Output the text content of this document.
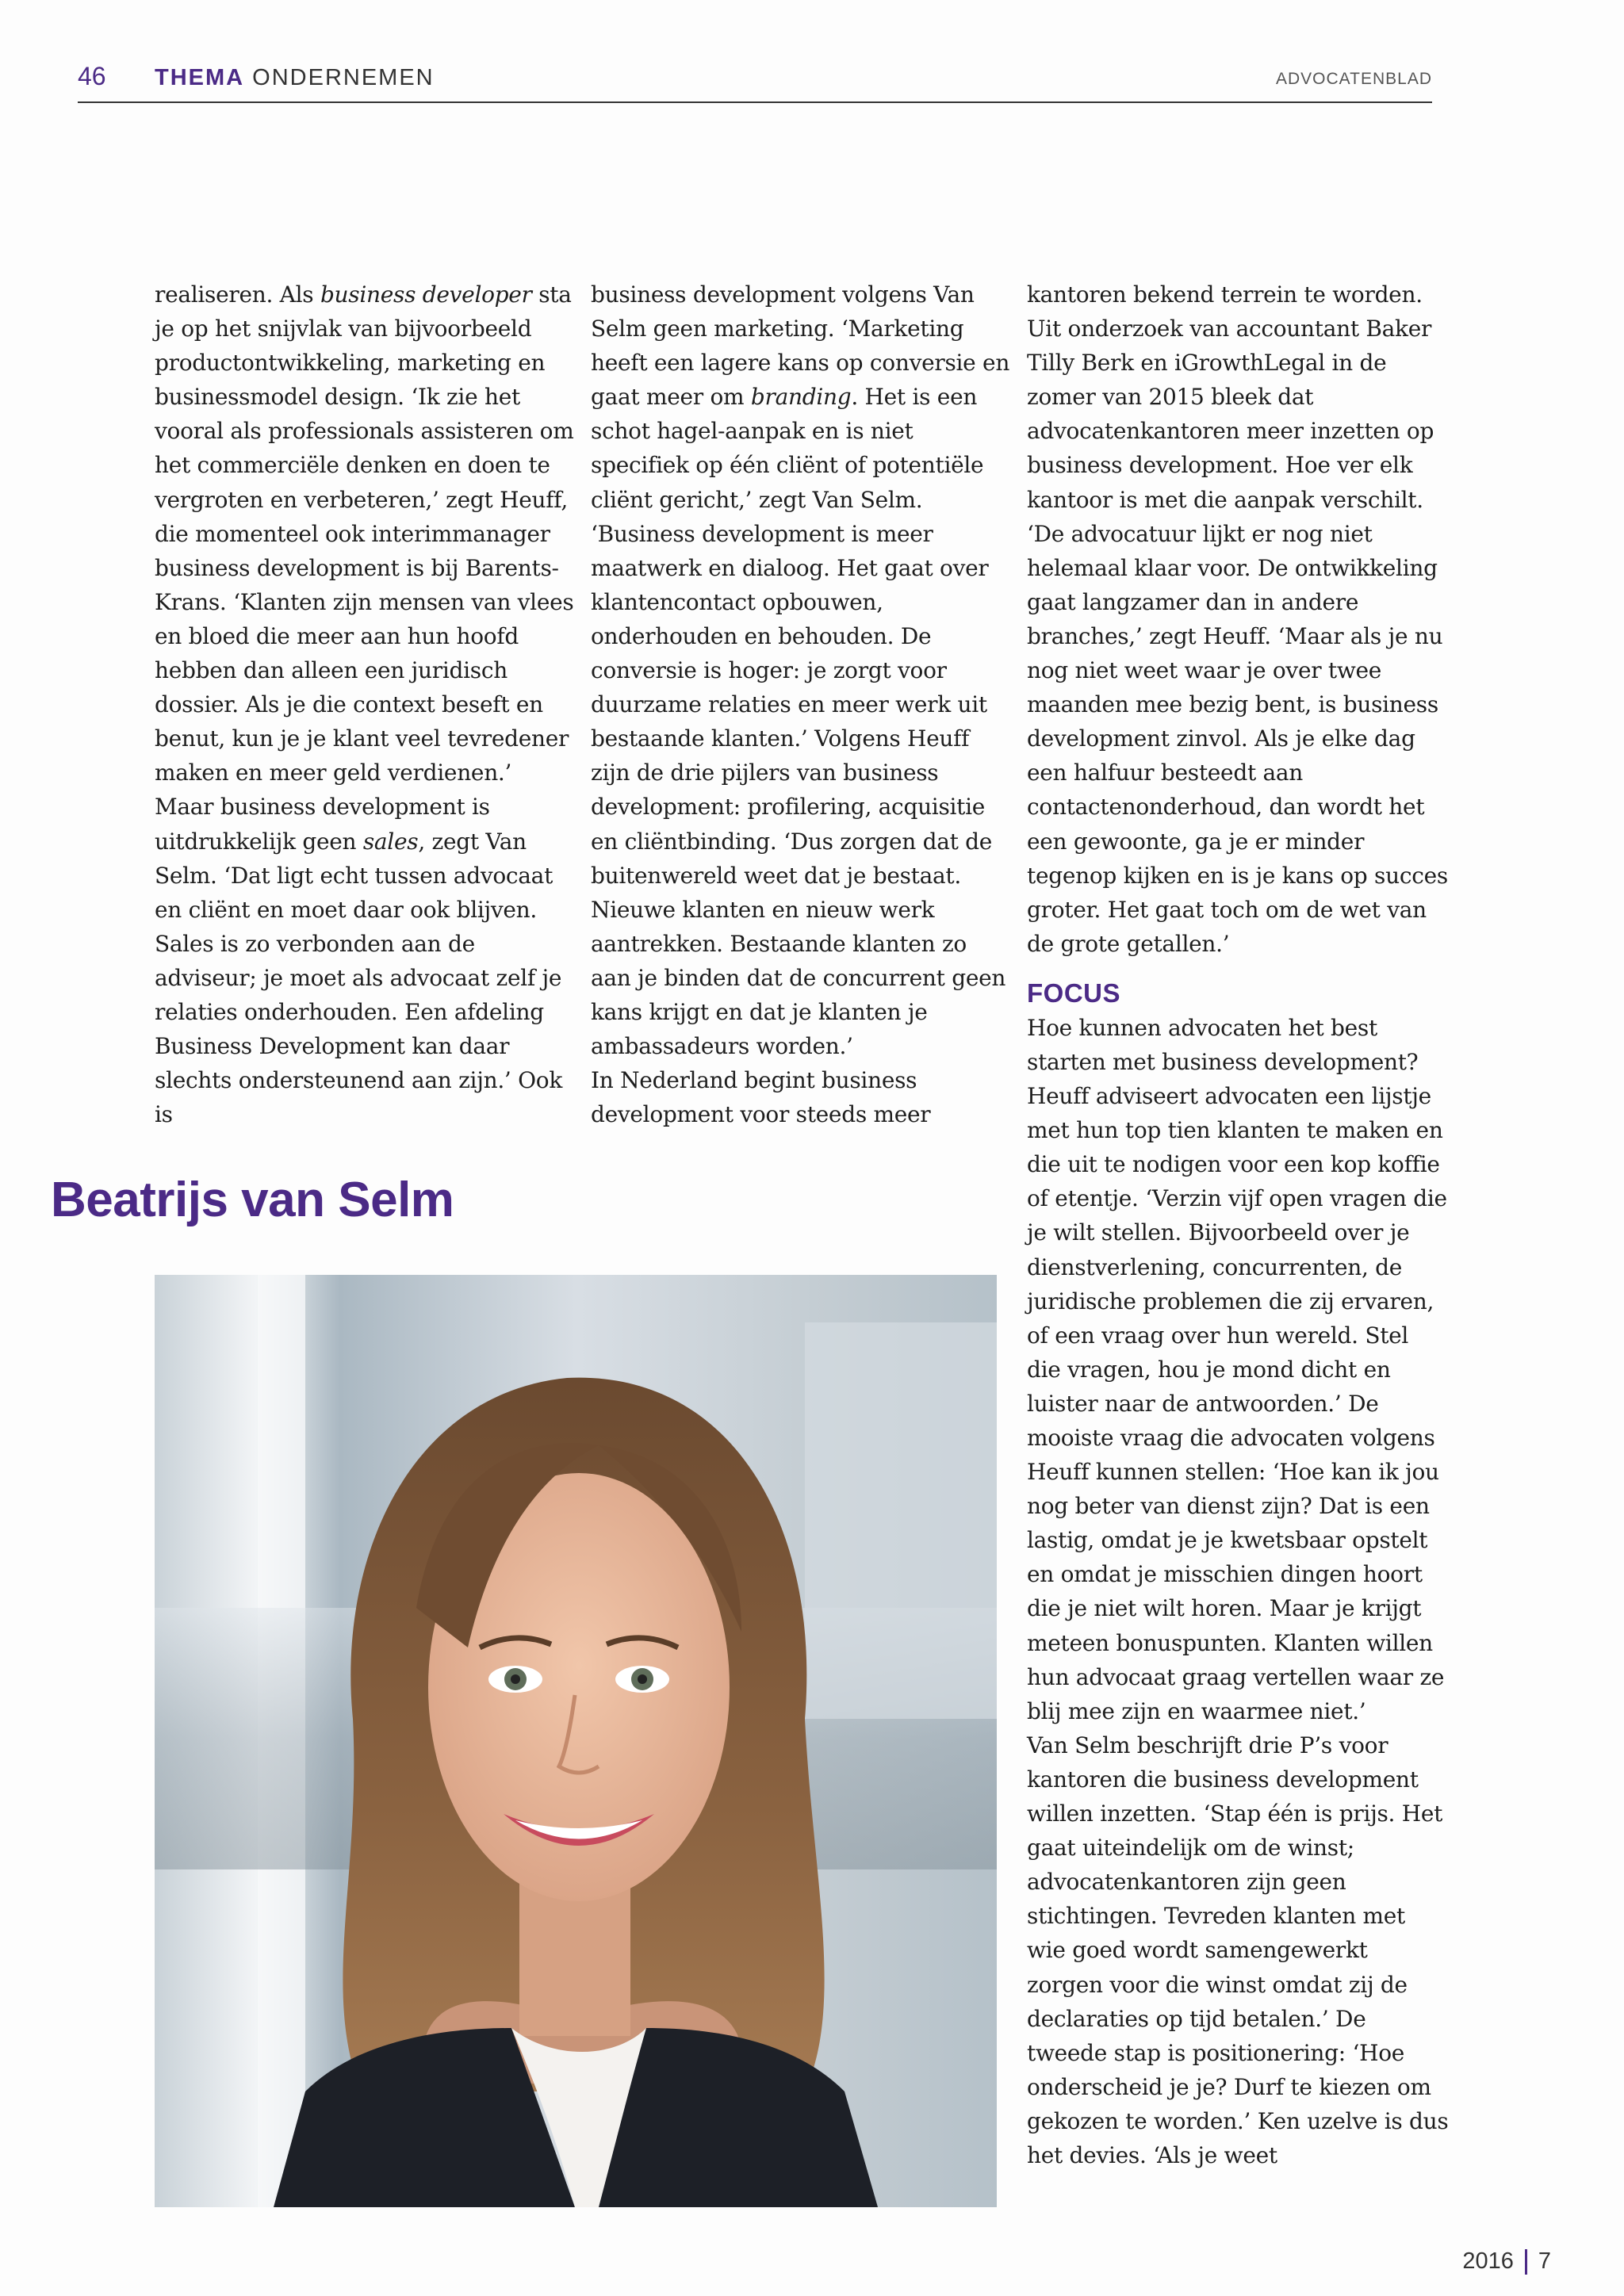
46 THEMA ONDERNEMEN	ADVOCATENBLAD

realiseren. Als business developer sta je op het snijvlak van bijvoorbeeld productontwikkeling, marketing en businessmodel design. ‘Ik zie het vooral als professionals assisteren om het commerciële denken en doen te vergroten en verbeteren,’ zegt Heuff, die momenteel ook interimmanager business development is bij Barents-Krans. ‘Klanten zijn mensen van vlees en bloed die meer aan hun hoofd hebben dan alleen een juridisch dossier. Als je die context beseft en benut, kun je je klant veel tevredener maken en meer geld verdienen.’

Maar business development is uitdrukkelijk geen sales, zegt Van Selm. ‘Dat ligt echt tussen advocaat en cliënt en moet daar ook blijven. Sales is zo verbonden aan de adviseur; je moet als advocaat zelf je relaties onderhouden. Een afdeling Business Development kan daar slechts ondersteunend aan zijn.’ Ook is

business development volgens Van Selm geen marketing. ‘Marketing heeft een lagere kans op conversie en gaat meer om branding. Het is een schot hagel-aanpak en is niet specifiek op één cliënt of potentiële cliënt gericht,’ zegt Van Selm. ‘Business development is meer maatwerk en dialoog. Het gaat over klantencontact opbouwen, onderhouden en behouden. De conversie is hoger: je zorgt voor duurzame relaties en meer werk uit bestaande klanten.’ Volgens Heuff zijn de drie pijlers van business development: profilering, acquisitie en cliëntbinding. ‘Dus zorgen dat de buitenwereld weet dat je bestaat. Nieuwe klanten en nieuw werk aantrekken. Bestaande klanten zo aan je binden dat de concurrent geen kans krijgt en dat je klanten je ambassadeurs worden.’

In Nederland begint business development voor steeds meer

kantoren bekend terrein te worden. Uit onderzoek van accountant Baker Tilly Berk en iGrowthLegal in de zomer van 2015 bleek dat advocatenkantoren meer inzetten op business development. Hoe ver elk kantoor is met die aanpak verschilt. ‘De advocatuur lijkt er nog niet helemaal klaar voor. De ontwikkeling gaat langzamer dan in andere branches,’ zegt Heuff. ‘Maar als je nu nog niet weet waar je over twee maanden mee bezig bent, is business development zinvol. Als je elke dag een halfuur besteedt aan contactenonderhoud, dan wordt het een gewoonte, ga je er minder tegenop kijken en is je kans op succes groter. Het gaat toch om de wet van de grote getallen.’

FOCUS

Hoe kunnen advocaten het best starten met business development? Heuff adviseert advocaten een lijstje met hun top tien klanten te maken en die uit te nodigen voor een kop koffie of etentje. ‘Verzin vijf open vragen die je wilt stellen. Bijvoorbeeld over je dienstverlening, concurrenten, de juridische problemen die zij ervaren, of een vraag over hun wereld. Stel die vragen, hou je mond dicht en luister naar de antwoorden.’ De mooiste vraag die advocaten volgens Heuff kunnen stellen: ‘Hoe kan ik jou nog beter van dienst zijn? Dat is een lastig, omdat je je kwetsbaar opstelt en omdat je misschien dingen hoort die je niet wilt horen. Maar je krijgt meteen bonuspunten. Klanten willen hun advocaat graag vertellen waar ze blij mee zijn en waarmee niet.’

Van Selm beschrijft drie P’s voor kantoren die business development willen inzetten. ‘Stap één is prijs. Het gaat uiteindelijk om de winst; advocatenkantoren zijn geen stichtingen. Tevreden klanten met wie goed wordt samengewerkt zorgen voor die winst omdat zij de declaraties op tijd betalen.’ De tweede stap is positionering: ‘Hoe onderscheid je je? Durf te kiezen om gekozen te worden.’ Ken uzelve is dus het devies. ‘Als je weet

Beatrijs van Selm
2016 7
